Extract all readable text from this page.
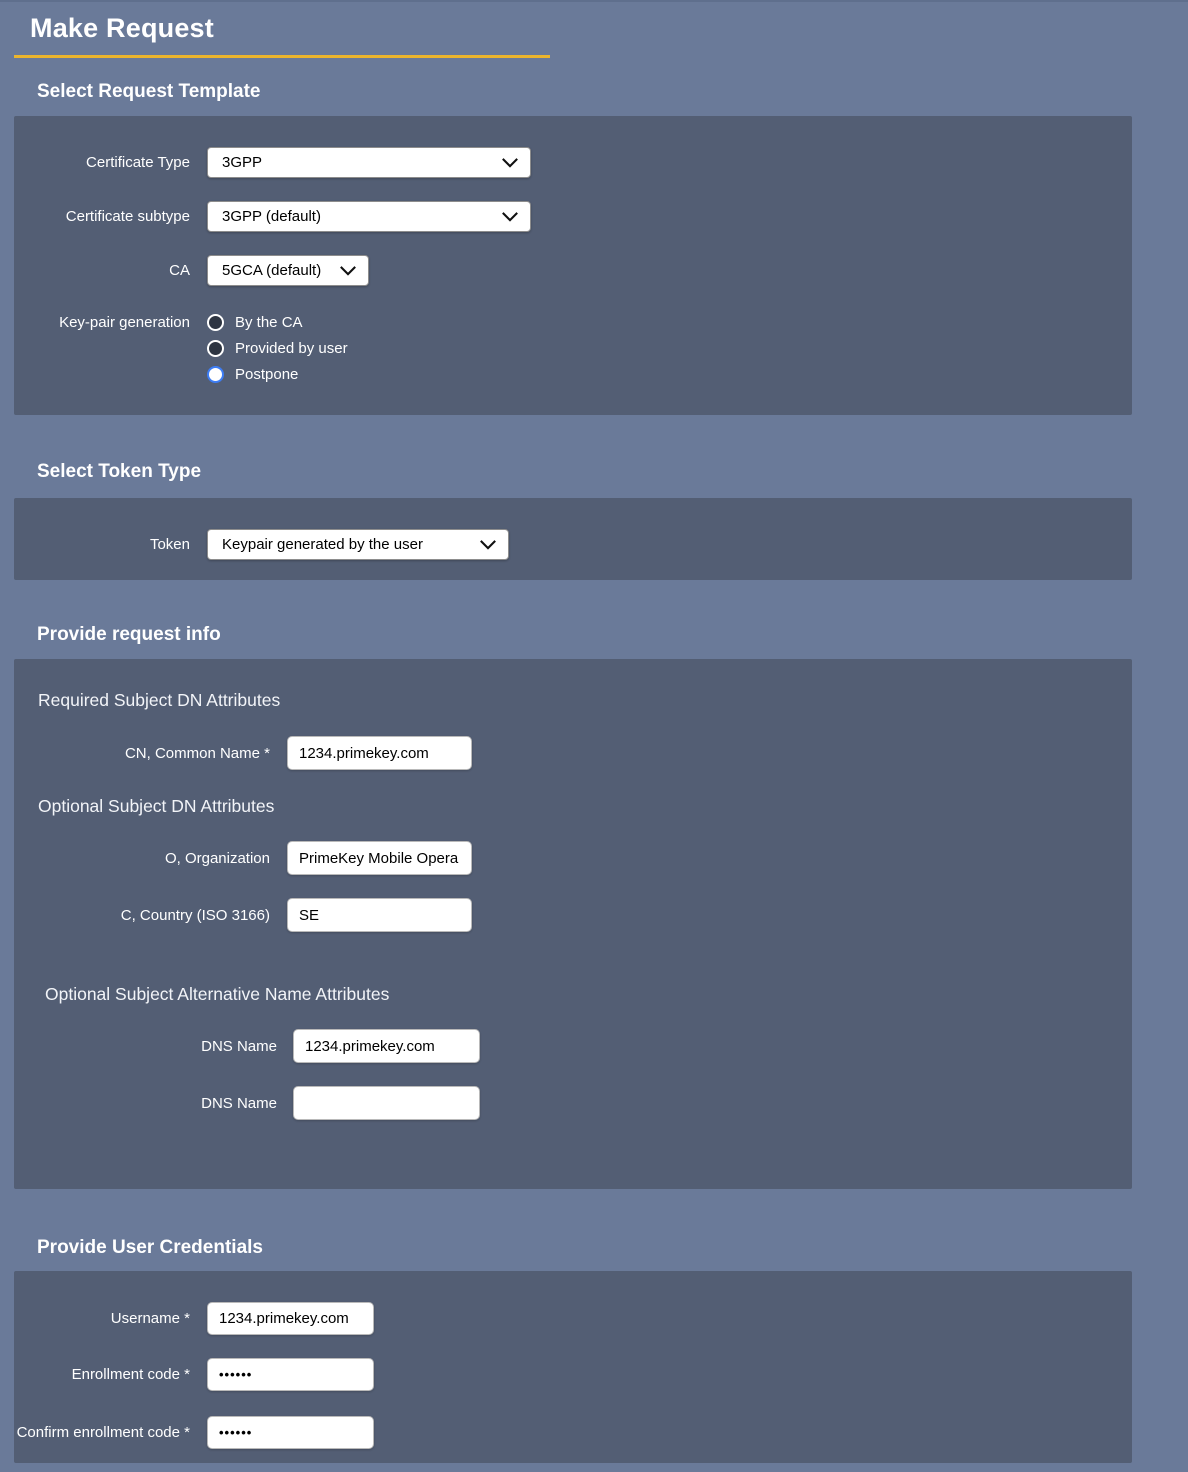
Make Request
Select Request Template
Certificate Type 3GPP
Certificate subtype 3GPP (default)
CA 5GCA (default)
Key-pair generation	By the CA
Provided by user
Postpone
Select Token Type
Token Keypair generated by the user
Provide request info
Required Subject DN Attributes
CN, Common Name *
1234.primekey.com
Optional Subject DN Attributes
O, Organization
PrimeKey Mobile Opera
C, Country (ISO 3166)
SE
Optional Subject Alternative Name Attributes
DNS Name
1234.primekey.com
DNS Name
Provide User Credentials
Username *
1234.primekey.com
Enrollment code *
••••••
Confirm enrollment code *
••••••
